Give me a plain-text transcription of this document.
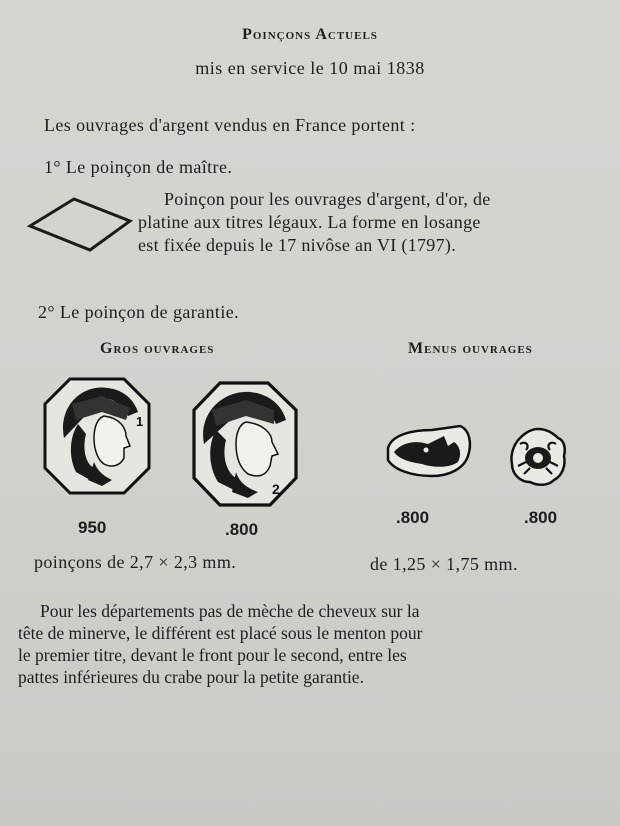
Poinçons Actuels
mis en service le 10 mai 1838
Les ouvrages d'argent vendus en France portent :
1° Le poinçon de maître.
Poinçon pour les ouvrages d'argent, d'or, de
platine aux titres légaux. La forme en losange
est fixée depuis le 17 nivôse an VI (1797).
2° Le poinçon de garantie.
Gros ouvrages	Menus ouvrages
1
2
950	.800
.800	.800
poinçons de 2,7 × 2,3 mm.	de 1,25 × 1,75 mm.
Pour les départements pas de mèche de cheveux sur la
tête de minerve, le différent est placé sous le menton pour
le premier titre, devant le front pour le second, entre les
pattes inférieures du crabe pour la petite garantie.
